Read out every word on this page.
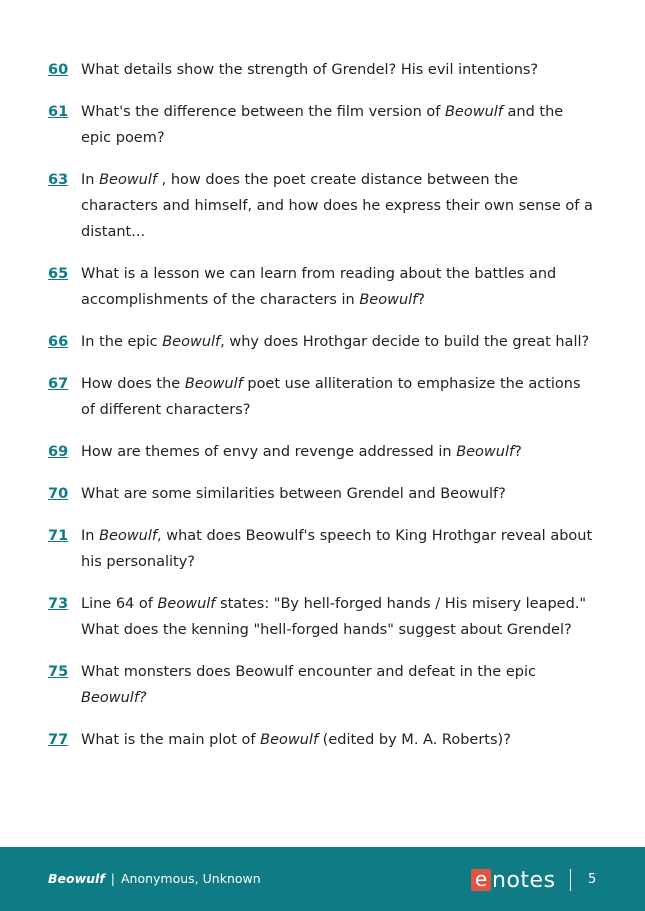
60 What details show the strength of Grendel? His evil intentions?
61 What's the difference between the film version of Beowulf and the epic poem?
63 In Beowulf , how does the poet create distance between the characters and himself, and how does he express their own sense of a distant...
65 What is a lesson we can learn from reading about the battles and accomplishments of the characters in Beowulf?
66 In the epic Beowulf, why does Hrothgar decide to build the great hall?
67 How does the Beowulf poet use alliteration to emphasize the actions of different characters?
69 How are themes of envy and revenge addressed in Beowulf?
70 What are some similarities between Grendel and Beowulf?
71 In Beowulf, what does Beowulf's speech to King Hrothgar reveal about his personality?
73 Line 64 of Beowulf states: "By hell-forged hands / His misery leaped." What does the kenning "hell-forged hands" suggest about Grendel?
75 What monsters does Beowulf encounter and defeat in the epic Beowulf?
77 What is the main plot of Beowulf (edited by M. A. Roberts)?
Beowulf | Anonymous, Unknown	e notes 5
